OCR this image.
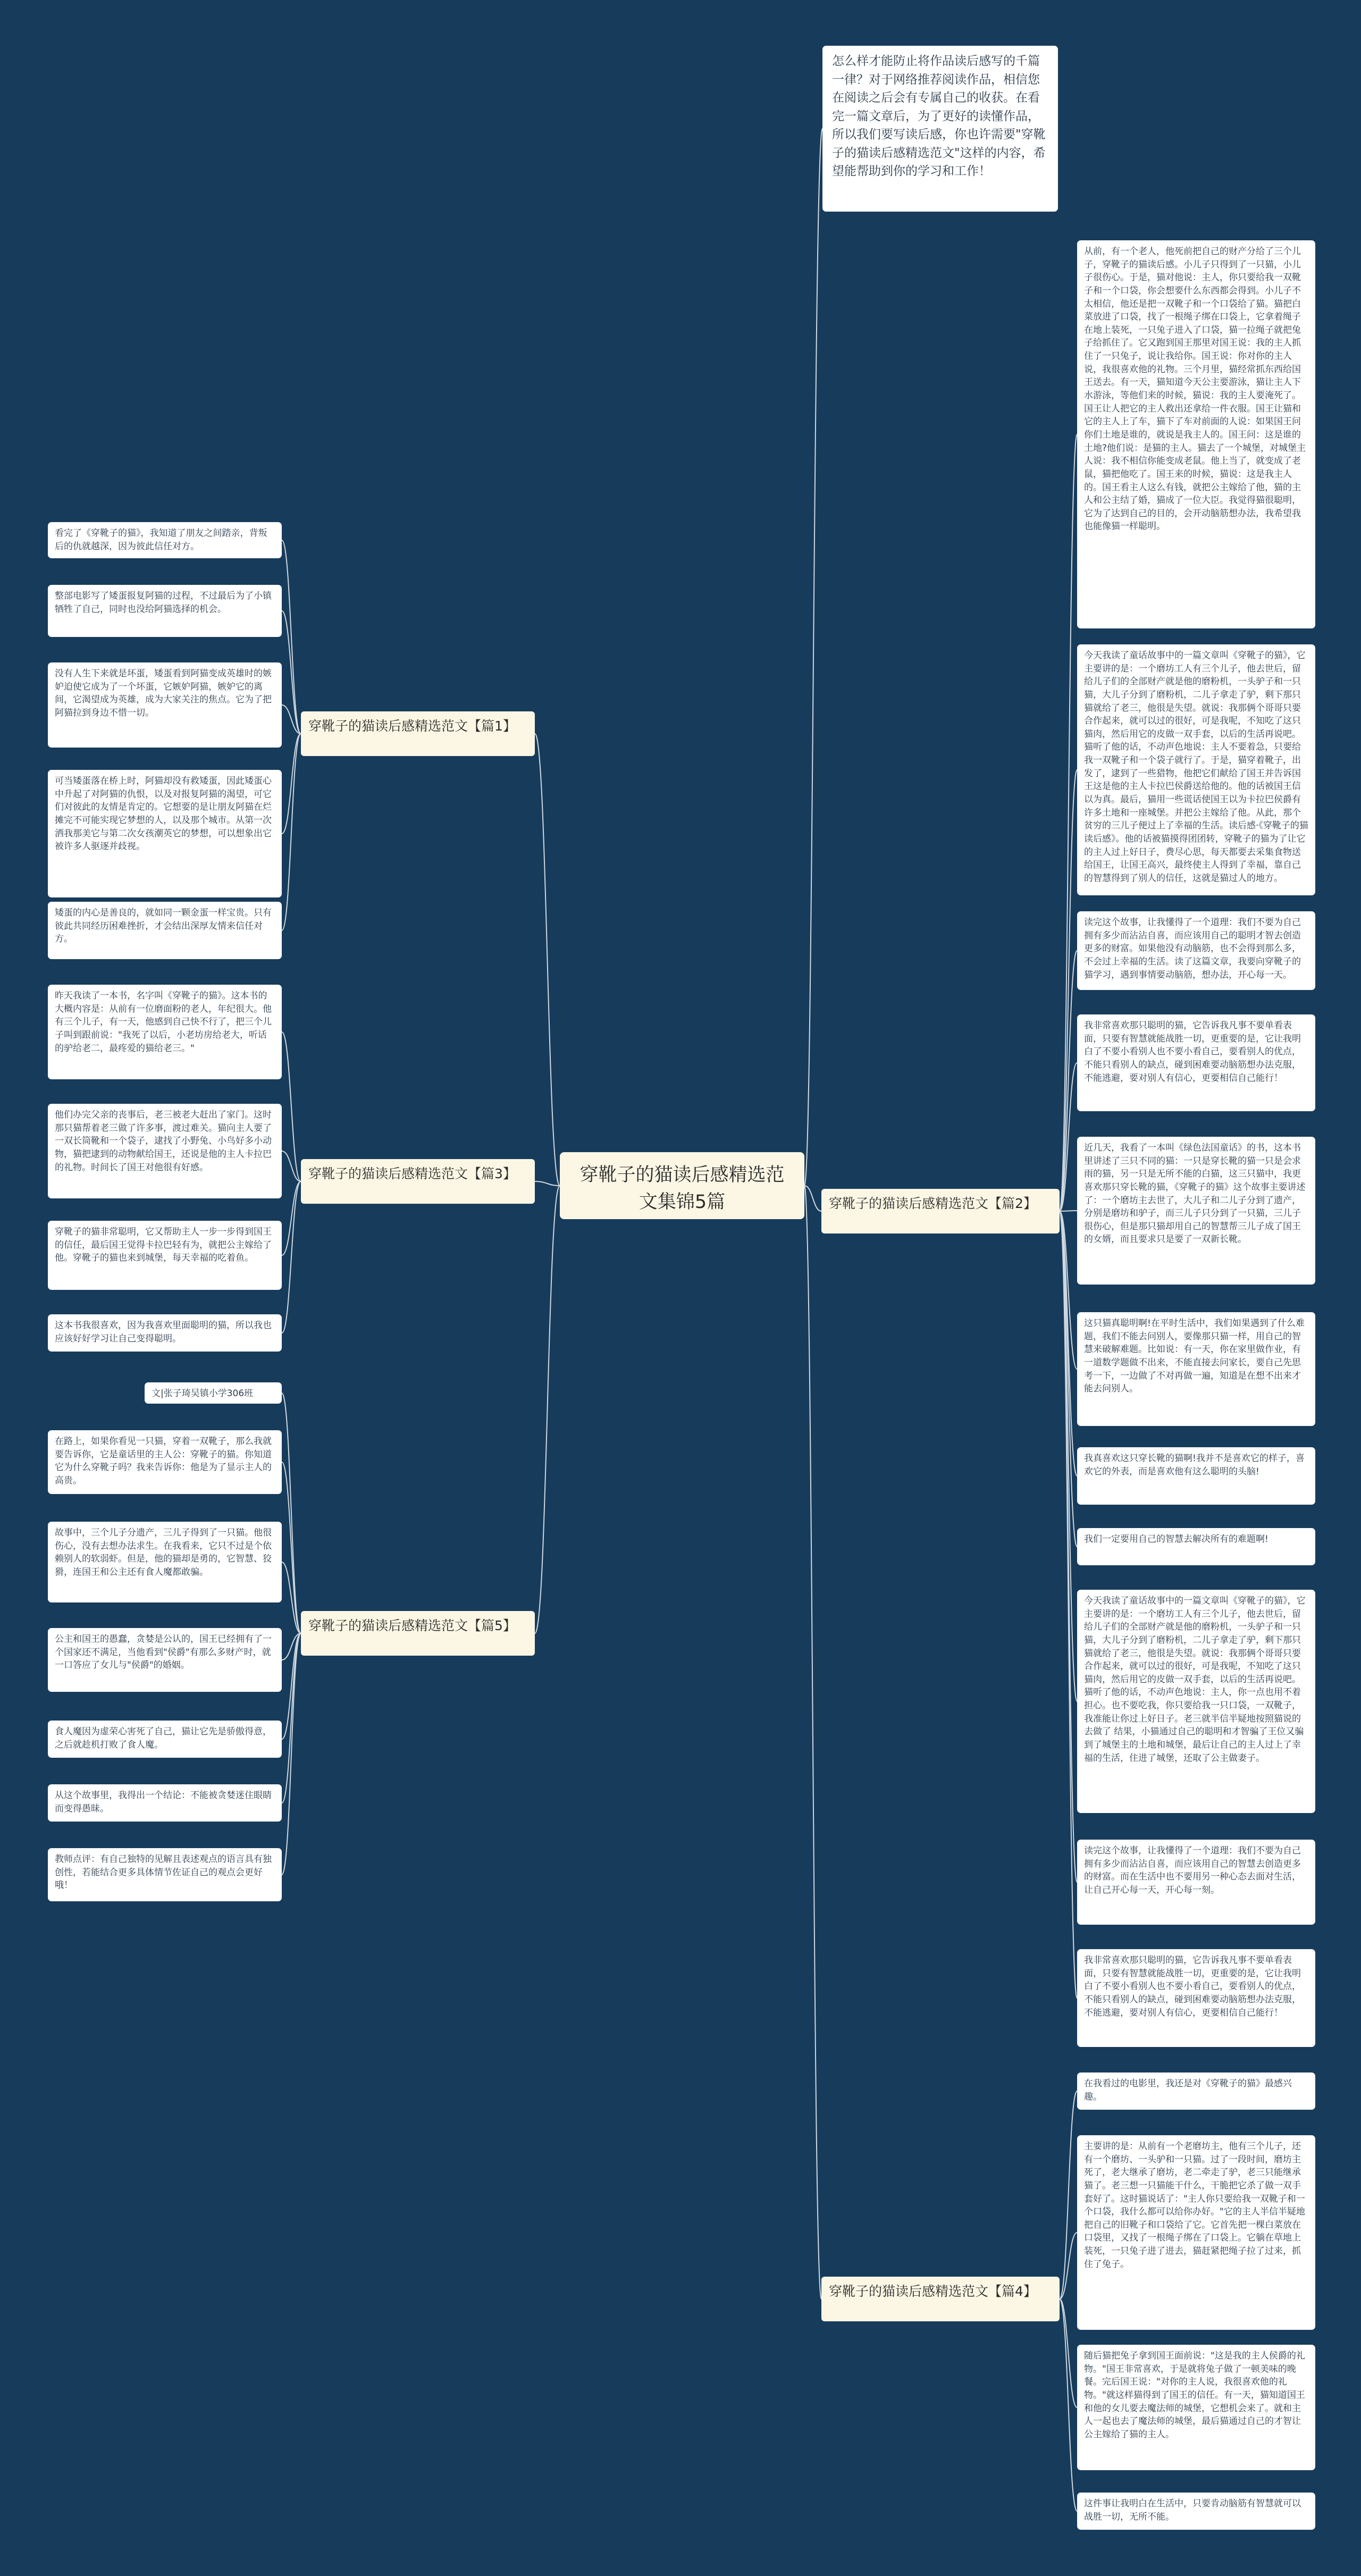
穿靴子的猫读后感精选范文集锦5篇
怎么样才能防止将作品读后感写的千篇一律？对于网络推荐阅读作品，相信您在阅读之后会有专属自己的收获。在看完一篇文章后，为了更好的读懂作品，所以我们要写读后感，你也许需要"穿靴子的猫读后感精选范文"这样的内容，希望能帮助到你的学习和工作！
穿靴子的猫读后感精选范文【篇1】
看完了《穿靴子的猫》，我知道了朋友之间踏亲，背叛后的仇就越深，因为彼此信任对方。
整部电影写了矮蛋报复阿猫的过程，不过最后为了小镇牺牲了自己，同时也没给阿猫选择的机会。
没有人生下来就是坏蛋，矮蛋看到阿猫变成英雄时的嫉妒迫使它成为了一个坏蛋，它嫉妒阿猫，嫉妒它的离间，它渴望成为英雄，成为大家关注的焦点。它为了把阿猫拉到身边不惜一切。
可当矮蛋落在桥上时，阿猫却没有救矮蛋，因此矮蛋心中升起了对阿猫的仇恨，以及对报复阿猫的渴望，可它们对彼此的友情是肯定的。它想要的是让朋友阿猫在烂摊完不可能实现它梦想的人，以及那个城市。从第一次洒我那美它与第二次女孩潮英它的梦想，可以想象出它被许多人驱逐并歧视。
矮蛋的内心是善良的，就如同一颗金蛋一样宝贵。只有彼此共同经历困难挫折，才会结出深厚友情来信任对方。
穿靴子的猫读后感精选范文【篇3】
昨天我读了一本书，名字叫《穿靴子的猫》。这本书的大概内容是：从前有一位磨面粉的老人，年纪很大。他有三个儿子，有一天，他感到自己快不行了，把三个儿子叫到跟前说："我死了以后，小老坊房给老大，听话的驴给老二，最疼爱的猫给老三。"
他们办完父亲的丧事后，老三被老大赶出了家门。这时那只猫帮着老三做了许多事，渡过难关。猫向主人要了一双长筒靴和一个袋子，逮找了小野兔、小鸟好多小动物，猫把逮到的动物献给国王，还说是他的主人卡拉巴的礼物。时间长了国王对他很有好感。
穿靴子的猫非常聪明，它又帮助主人一步一步得到国王的信任，最后国王觉得卡拉巴轻有为，就把公主嫁给了他。穿靴子的猫也来到城堡，每天幸福的吃着鱼。
这本书我很喜欢，因为我喜欢里面聪明的猫，所以我也应该好好学习让自己变得聪明。
穿靴子的猫读后感精选范文【篇5】
文|张子琦吴镇小学306班
在路上，如果你看见一只猫，穿着一双靴子，那么我就要告诉你，它是童话里的主人公：穿靴子的猫。你知道它为什么穿靴子吗？我来告诉你：他是为了显示主人的高贵。
故事中，三个儿子分遗产，三儿子得到了一只猫。他很伤心，没有去想办法求生。在我看来，它只不过是个依赖别人的软弱虾。但是，他的猫却是勇的，它智慧、狡猾，连国王和公主还有食人魔都敢骗。
公主和国王的愚蠢，贪婪是公认的，国王已经拥有了一个国家还不满足，当他看到"侯爵"有那么多财产时，就一口答应了女儿与"侯爵"的婚姻。
食人魔因为虚荣心害死了自己，猫让它先是骄傲得意，之后就趁机打败了食人魔。
从这个故事里，我得出一个结论：不能被贪婪迷住眼睛而变得愚昧。
教师点评：有自己独特的见解且表述观点的语言具有独创性，若能结合更多具体情节佐证自己的观点会更好哦！
穿靴子的猫读后感精选范文【篇2】
从前，有一个老人，他死前把自己的财产分给了三个儿子，穿靴子的猫读后感。小儿子只得到了一只猫，小儿子很伤心。于是，猫对他说：主人，你只要给我一双靴子和一个口袋，你会想要什么东西都会得到。小儿子不太相信，他还是把一双靴子和一个口袋给了猫。猫把白菜放进了口袋，找了一根绳子绑在口袋上，它拿着绳子在地上装死，一只兔子进入了口袋，猫一拉绳子就把兔子给抓住了。它又跑到国王那里对国王说：我的主人抓住了一只兔子，说让我给你。国王说：你对你的主人说，我很喜欢他的礼物。三个月里，猫经常抓东西给国王送去。有一天，猫知道今天公主要游泳，猫让主人下水游泳，等他们来的时候，猫说：我的主人要淹死了。国王让人把它的主人救出还拿给一件衣服。国王让猫和它的主人上了车，猫下了车对前面的人说：如果国王问你们土地是谁的，就说是我主人的。国王问：这是谁的土地?他们说：是猫的主人。猫去了一个城堡，对城堡主人说：我不相信你能变成老鼠。他上当了，就变成了老鼠，猫把他吃了。国王来的时候，猫说：这是我主人的。国王看主人这么有钱，就把公主嫁给了他，猫的主人和公主结了婚，猫成了一位大臣。我觉得猫很聪明，它为了达到自己的目的，会开动脑筋想办法，我希望我也能像猫一样聪明。
今天我读了童话故事中的一篇文章叫《穿靴子的猫》，它主要讲的是：一个磨坊工人有三个儿子，他去世后，留给儿子们的全部财产就是他的磨粉机，一头驴子和一只猫，大儿子分到了磨粉机，二儿子拿走了驴，剩下那只猫就给了老三，他很是失望。就说：我那俩个哥哥只要合作起来，就可以过的很好，可是我呢，不知吃了这只猫肉，然后用它的皮做一双手套，以后的生活再说吧。猫听了他的话，不动声色地说：主人不要着急，只要给我一双靴子和一个袋子就行了。于是，猫穿着靴子，出发了，逮到了一些猎物，他把它们献给了国王并告诉国王这是他的主人卡拉巴侯爵送给他的。他的话被国王信以为真。最后，猫用一些谎话使国王以为卡拉巴侯爵有许多土地和一座城堡。并把公主嫁给了他。从此，那个贫穷的三儿子便过上了幸福的生活。读后感·《穿靴子的猫读后感》。他的话被猫摸得团团转，穿靴子的猫为了让它的主人过上好日子，费尽心思，每天都要去采集食物送给国王，让国王高兴，最终使主人得到了幸福，靠自己的智慧得到了别人的信任，这就是猫过人的地方。
读完这个故事，让我懂得了一个道理：我们不要为自己拥有多少而沾沾自喜，而应该用自己的聪明才智去创造更多的财富。如果他没有动脑筋，也不会得到那么多，不会过上幸福的生活。读了这篇文章，我要向穿靴子的猫学习，遇到事情要动脑筋，想办法，开心每一天。
我非常喜欢那只聪明的猫，它告诉我凡事不要单看表面，只要有智慧就能战胜一切，更重要的是，它让我明白了不要小看别人也不要小看自己，要看别人的优点，不能只看别人的缺点，碰到困难要动脑筋想办法克服，不能逃避，要对别人有信心，更要相信自己能行！
近几天，我看了一本叫《绿色法国童话》的书，这本书里讲述了三只不同的猫：一只是穿长靴的猫一只是会求雨的猫，另一只是无所不能的白猫，这三只猫中，我更喜欢那只穿长靴的猫，《穿靴子的猫》这个故事主要讲述了：一个磨坊主去世了，大儿子和二儿子分到了遗产，分别是磨坊和驴子，而三儿子只分到了一只猫，三儿子很伤心，但是那只猫却用自己的智慧帮三儿子成了国王的女婿，而且要求只是要了一双新长靴。
这只猫真聪明啊!在平时生活中，我们如果遇到了什么难题，我们不能去问别人，要像那只猫一样，用自己的智慧来破解难题。比如说：有一天，你在家里做作业，有一道数学题做不出来，不能直接去问家长，要自己先思考一下，一边做了不对再做一遍，知道是在想不出来才能去问别人。
我真喜欢这只穿长靴的猫啊!我并不是喜欢它的样子，喜欢它的外表，而是喜欢他有这么聪明的头脑!
我们一定要用自己的智慧去解决所有的难题啊!
今天我读了童话故事中的一篇文章叫《穿靴子的猫》，它主要讲的是：一个磨坊工人有三个儿子，他去世后，留给儿子们的全部财产就是他的磨粉机，一头驴子和一只猫，大儿子分到了磨粉机，二儿子拿走了驴，剩下那只猫就给了老三，他很是失望。就说：我那俩个哥哥只要合作起来，就可以过的很好，可是我呢，不知吃了这只猫肉，然后用它的皮做一双手套，以后的生活再说吧。猫听了他的话，不动声色地说：主人，你一点也用不着担心。也不要吃我，你只要给我一只口袋，一双靴子，我准能让你过上好日子。老三就半信半疑地按照猫说的去做了 结果，小猫通过自己的聪明和才智骗了王位又骗到了城堡主的土地和城堡，最后让自己的主人过上了幸福的生活，住进了城堡，还取了公主做妻子。
读完这个故事，让我懂得了一个道理：我们不要为自己拥有多少而沾沾自喜，而应该用自己的智慧去创造更多的财富。而在生活中也不要用另一种心态去面对生活，让自己开心每一天，开心每一刻。
我非常喜欢那只聪明的猫，它告诉我凡事不要单看表面，只要有智慧就能战胜一切，更重要的是，它让我明白了不要小看别人也不要小看自己，要看别人的优点，不能只看别人的缺点，碰到困难要动脑筋想办法克服，不能逃避，要对别人有信心，更要相信自己能行！
穿靴子的猫读后感精选范文【篇4】
在我看过的电影里，我还是对《穿靴子的猫》最感兴趣。
主要讲的是：从前有一个老磨坊主，他有三个儿子，还有一个磨坊、一头驴和一只猫。过了一段时间，磨坊主死了，老大继承了磨坊，老二牵走了驴，老三只能继承猫了。老三想一只猫能干什么，干脆把它杀了做一双手套好了。这时猫说话了："主人你只要给我一双靴子和一个口袋，我什么都可以给你办好。"它的主人半信半疑地把自己的旧靴子和口袋给了它。它首先把一棵白菜放在口袋里，又找了一根绳子绑在了口袋上。它躺在草地上装死，一只兔子进了进去，猫赶紧把绳子拉了过来，抓住了兔子。
随后猫把兔子拿到国王面前说："这是我的主人侯爵的礼物。"国王非常喜欢，于是就将兔子做了一顿美味的晚餐。完后国王说："对你的主人说，我很喜欢他的礼物。"就这样猫得到了国王的信任。有一天，猫知道国王和他的女儿要去魔法师的城堡，它想机会来了。就和主人一起也去了魔法师的城堡，最后猫通过自己的才智让公主嫁给了猫的主人。
这件事让我明白在生活中，只要肯动脑筋有智慧就可以战胜一切，无所不能。
